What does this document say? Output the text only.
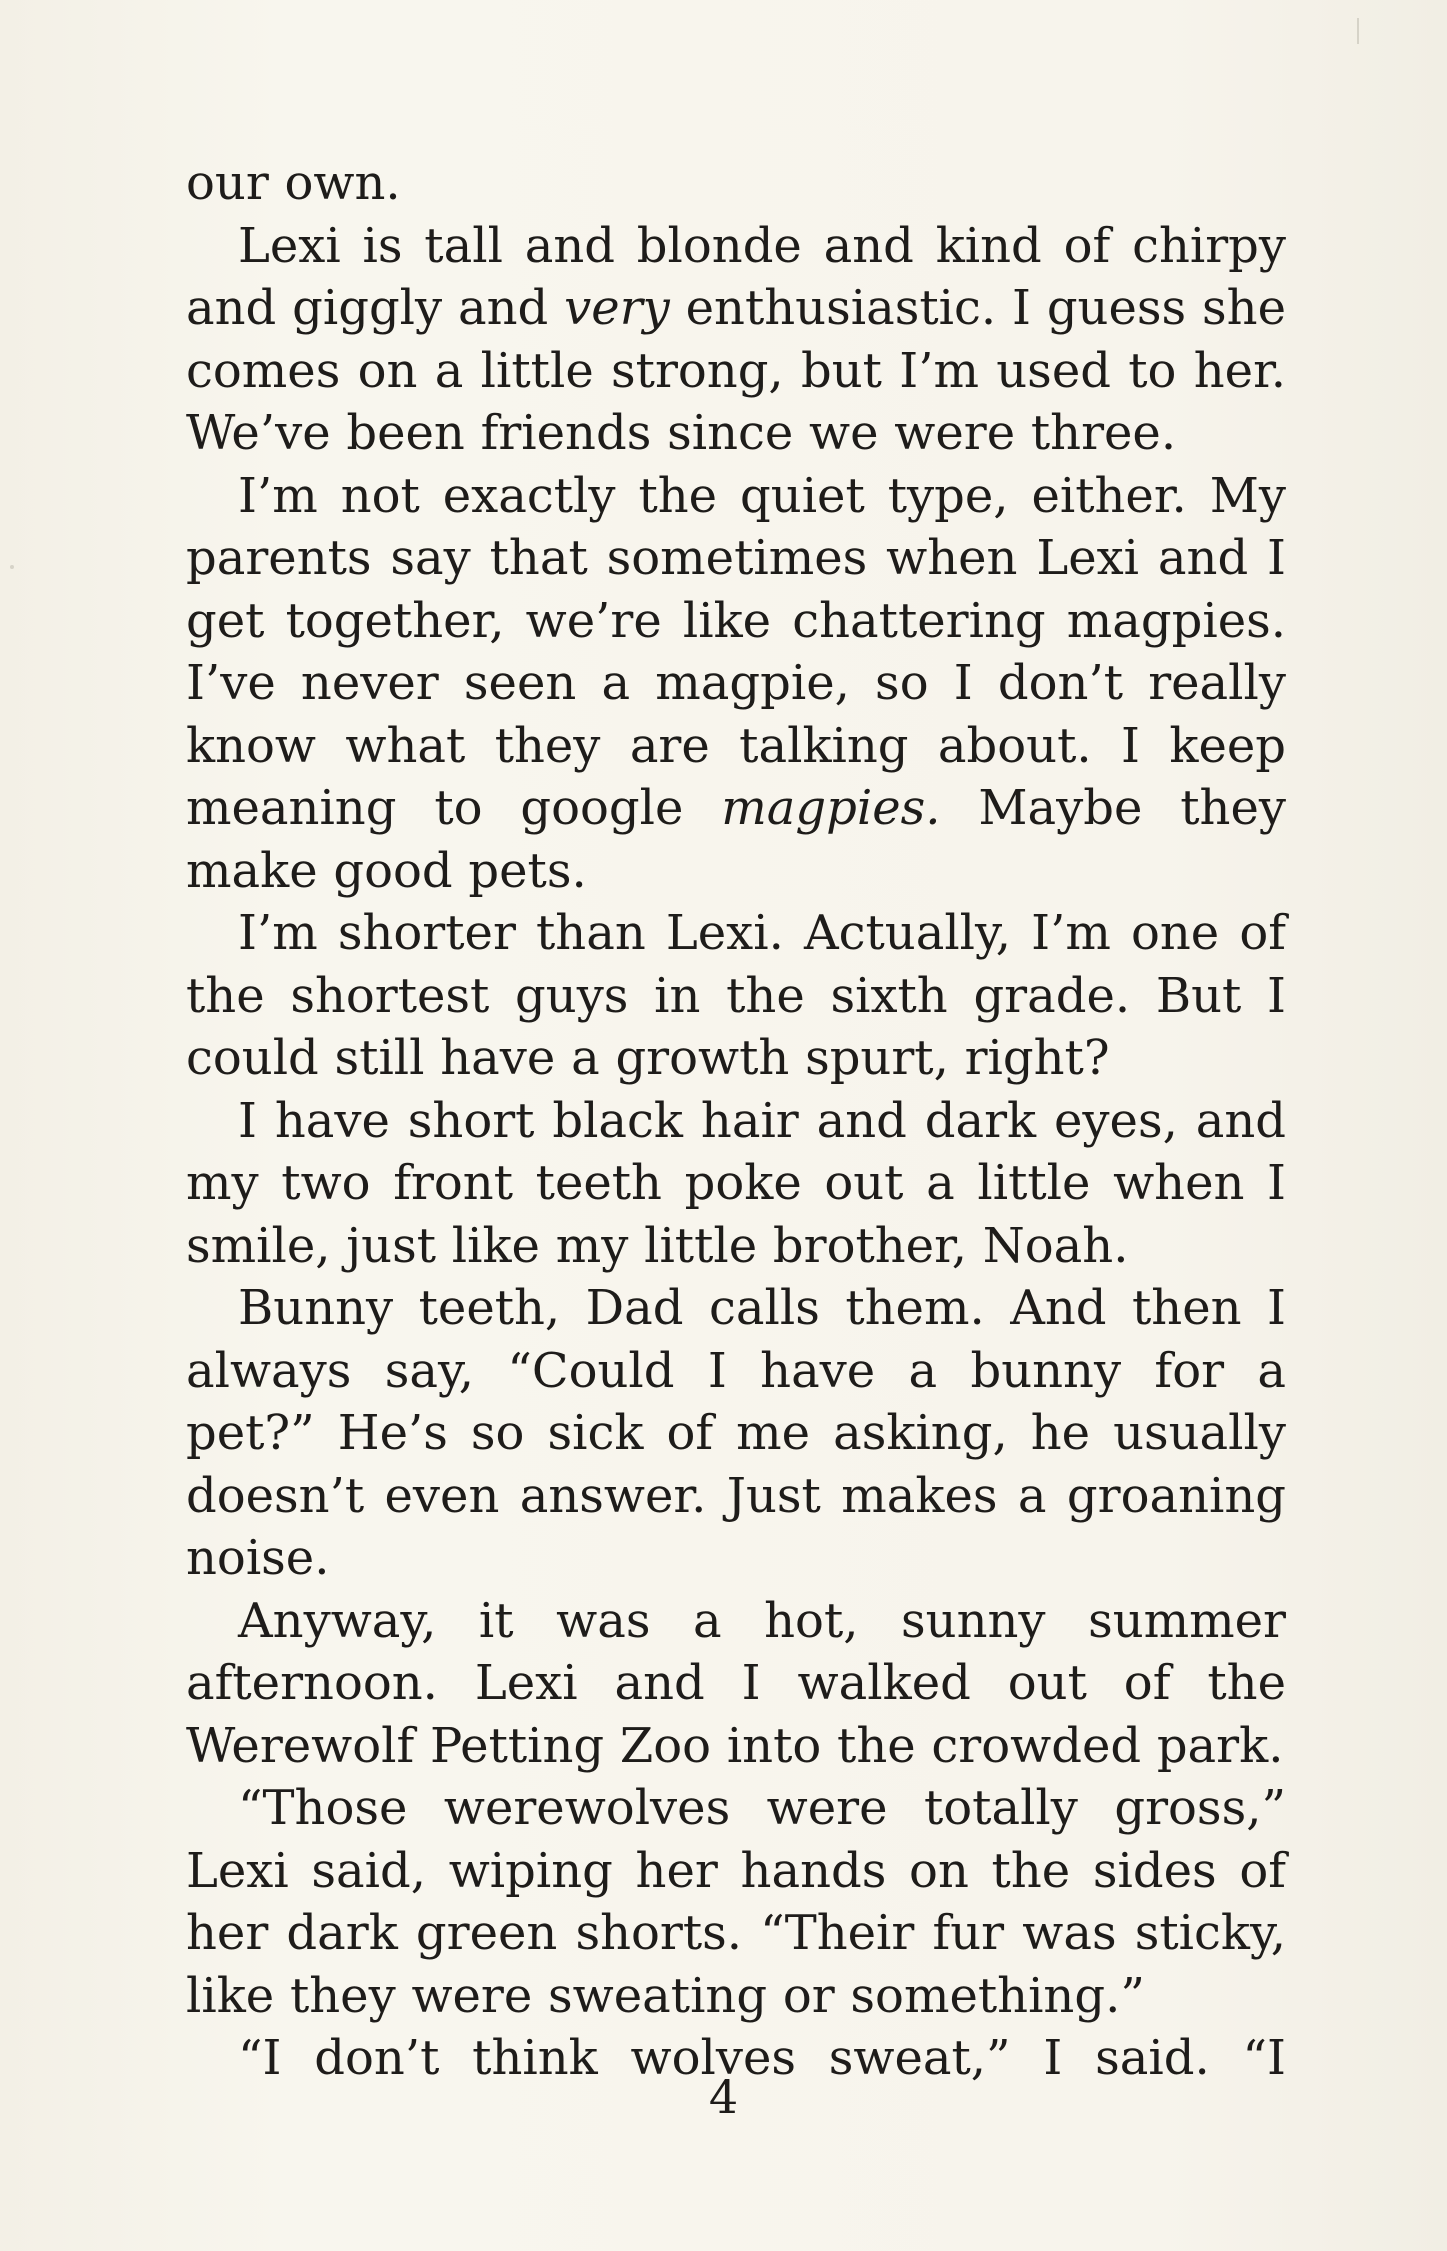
our own.

Lexi is tall and blonde and kind of chirpy and giggly and very enthusiastic. I guess she comes on a little strong, but I’m used to her. We’ve been friends since we were three.

I’m not exactly the quiet type, either. My parents say that sometimes when Lexi and I get together, we’re like chattering magpies. I’ve never seen a magpie, so I don’t really know what they are talking about. I keep meaning to google magpies. Maybe they make good pets.

I’m shorter than Lexi. Actually, I’m one of the shortest guys in the sixth grade. But I could still have a growth spurt, right?

I have short black hair and dark eyes, and my two front teeth poke out a little when I smile, just like my little brother, Noah.

Bunny teeth, Dad calls them. And then I always say, “Could I have a bunny for a pet?” He’s so sick of me asking, he usually doesn’t even answer. Just makes a groaning noise.

Anyway, it was a hot, sunny summer afternoon. Lexi and I walked out of the Werewolf Petting Zoo into the crowded park.

“Those werewolves were totally gross,” Lexi said, wiping her hands on the sides of her dark green shorts. “Their fur was sticky, like they were sweating or something.”

“I don’t think wolves sweat,” I said. “I

4
